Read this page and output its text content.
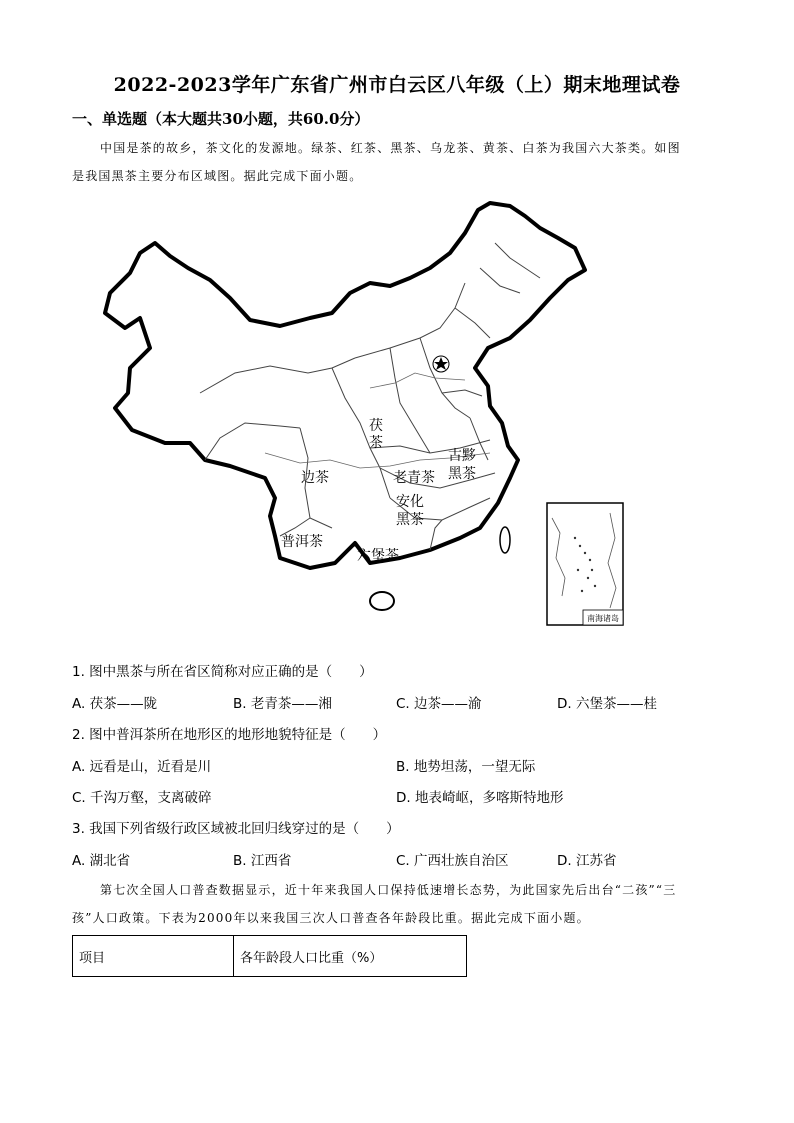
2022-2023学年广东省广州市白云区八年级（上）期末地理试卷
一、单选题（本大题共30小题，共60.0分）
中国是茶的故乡，茶文化的发源地。绿茶、红茶、黑茶、乌龙茶、黄茶、白茶为我国六大茶类。如图
是我国黑茶主要分布区域图。据此完成下面小题。
南海诸岛
茯
茶
边茶	老青茶
古黟
黑茶
安化
黑茶
普洱茶
六堡茶
1. 图中黑茶与所在省区简称对应正确的是（　　）
A. 茯茶——陇	B. 老青茶——湘	C. 边茶——渝	D. 六堡茶——桂
2. 图中普洱茶所在地形区的地形地貌特征是（　　）
A. 远看是山，近看是川	B. 地势坦荡，一望无际
C. 千沟万壑，支离破碎	D. 地表崎岖，多喀斯特地形
3. 我国下列省级行政区域被北回归线穿过的是（　　）
A. 湖北省	B. 江西省	C. 广西壮族自治区	D. 江苏省
第七次全国人口普查数据显示，近十年来我国人口保持低速增长态势，为此国家先后出台“二孩”“三
孩”人口政策。下表为2000年以来我国三次人口普查各年龄段比重。据此完成下面小题。
项目	各年龄段人口比重（%）
